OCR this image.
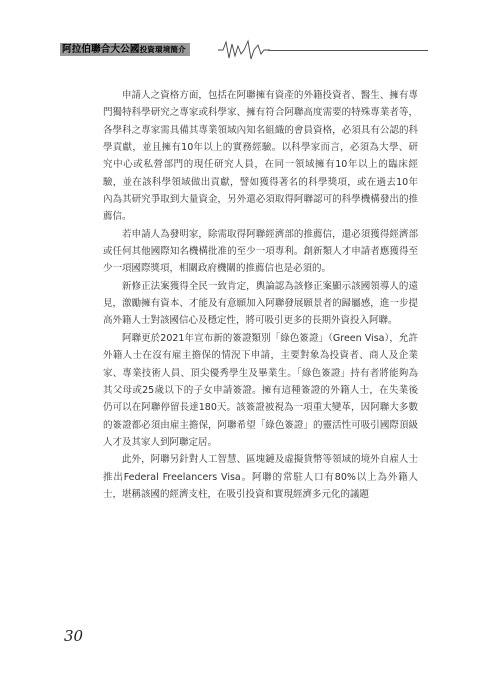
阿拉伯聯合大公國投資環境簡介

申請人之資格方面，包括在阿聯擁有資產的外籍投資者、醫生、擁有專門獨特科學研究之專家或科學家、擁有符合阿聯高度需要的特殊專業者等，各學科之專家需具備其專業領域內知名組織的會員資格，必須具有公認的科學貢獻，並且擁有10年以上的實務經驗。以科學家而言，必須為大學、研究中心或私營部門的現任研究人員，在同一領域擁有10年以上的臨床經驗，並在該科學領域做出貢獻，譬如獲得著名的科學獎項，或在過去10年內為其研究爭取到大量資金，另外還必須取得阿聯認可的科學機構發出的推薦信。

若申請人為發明家，除需取得阿聯經濟部的推薦信，還必須獲得經濟部或任何其他國際知名機構批准的至少一項專利。創新類人才申請者應獲得至少一項國際獎項，相關政府機關的推薦信也是必須的。

新修正法案獲得全民一致肯定，輿論認為該修正案顯示該國領導人的遠見，激勵擁有資本、才能及有意願加入阿聯發展願景者的歸屬感，進一步提高外籍人士對該國信心及穩定性，將可吸引更多的長期外資投入阿聯。

阿聯更於2021年宣布新的簽證類別「綠色簽證」（Green Visa），允許外籍人士在沒有雇主擔保的情況下申請，主要對象為投資者、商人及企業家、專業技術人員、頂尖優秀學生及畢業生。「綠色簽證」持有者將能夠為其父母或25歲以下的子女申請簽證。擁有這種簽證的外籍人士，在失業後仍可以在阿聯停留長達180天。該簽證被視為一項重大變革，因阿聯大多數的簽證都必須由雇主擔保，阿聯希望「綠色簽證」的靈活性可吸引國際頂級人才及其家人到阿聯定居。

此外，阿聯另針對人工智慧、區塊鏈及虛擬貨幣等領域的境外自雇人士推出Federal Freelancers Visa。阿聯的常駐人口有80%以上為外籍人士，堪稱該國的經濟支柱，在吸引投資和實現經濟多元化的議題

30
